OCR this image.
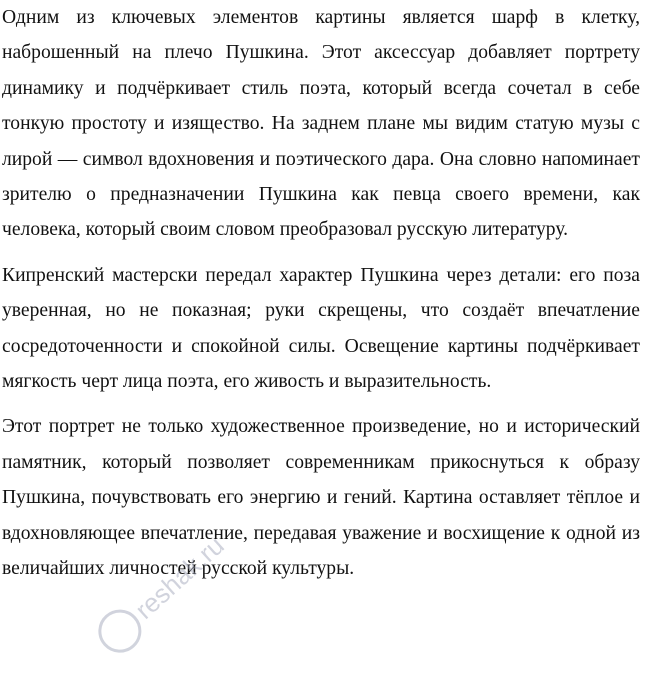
Одним из ключевых элементов картины является шарф в клетку, наброшенный на плечо Пушкина. Этот аксессуар добавляет портрету динамику и подчёркивает стиль поэта, который всегда сочетал в себе тонкую простоту и изящество. На заднем плане мы видим статую музы с лирой — символ вдохновения и поэтического дара. Она словно напоминает зрителю о предназначении Пушкина как певца своего времени, как человека, который своим словом преобразовал русскую литературу.

Кипренский мастерски передал характер Пушкина через детали: его поза уверенная, но не показная; руки скрещены, что создаёт впечатление сосредоточенности и спокойной силы. Освещение картины подчёркивает мягкость черт лица поэта, его живость и выразительность.

Этот портрет не только художественное произведение, но и исторический памятник, который позволяет современникам прикоснуться к образу Пушкина, почувствовать его энергию и гений. Картина оставляет тёплое и вдохновляющее впечатление, передавая уважение и восхищение к одной из величайших личностей русской культуры.

reshak.ru
